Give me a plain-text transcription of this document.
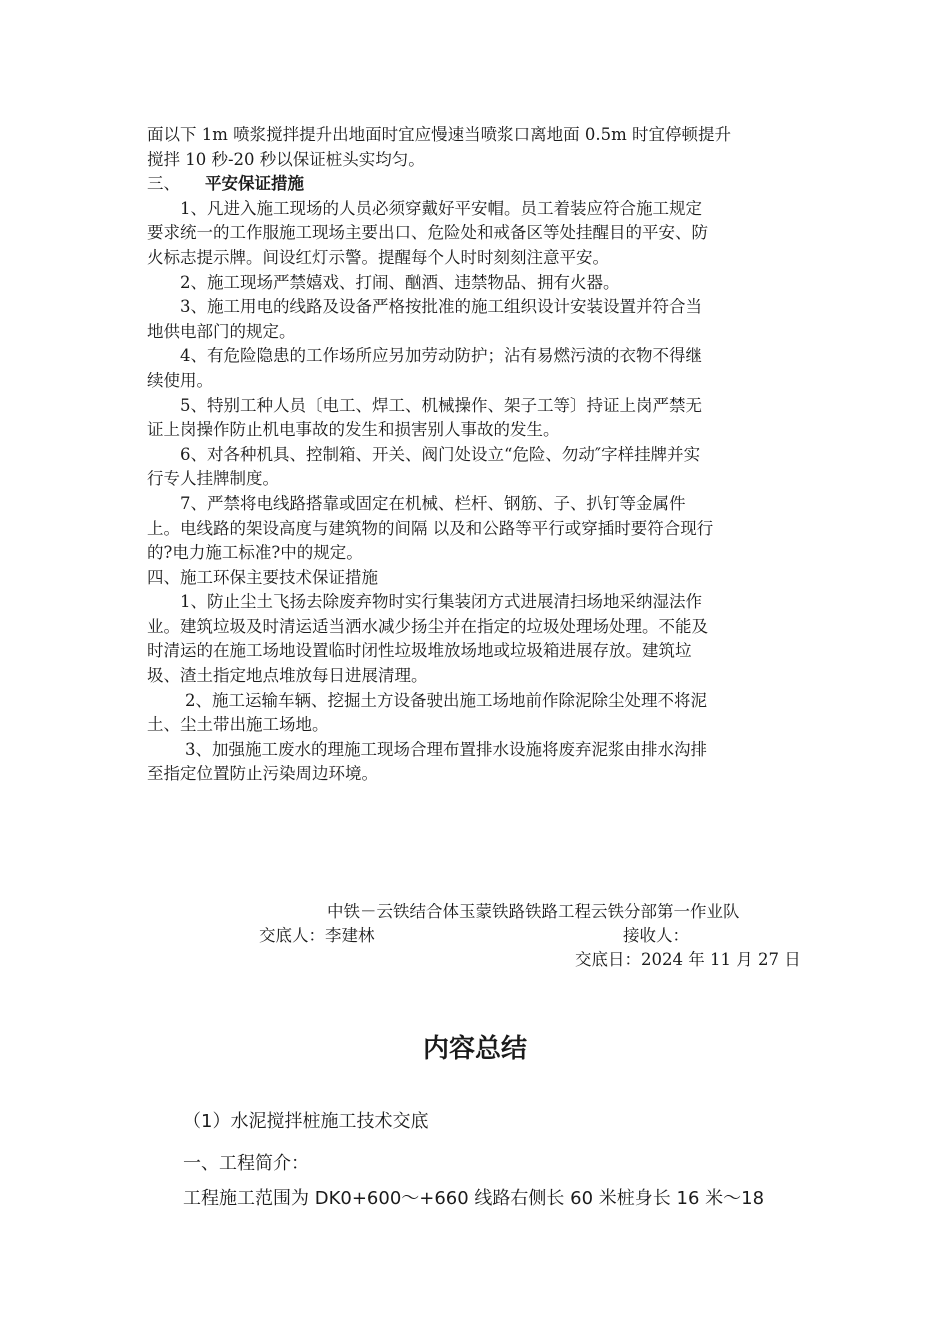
面以下 1m 喷浆搅拌提升出地面时宜应慢速当喷浆口离地面 0.5m 时宜停顿提升

搅拌 10 秒-20 秒以保证桩头实均匀。

三、 平安保证措施

1、凡进入施工现场的人员必须穿戴好平安帽。员工着装应符合施工规定

要求统一的工作服施工现场主要出口、危险处和戒备区等处挂醒目的平安、防

火标志提示牌。间设红灯示警。提醒每个人时时刻刻注意平安。

2、施工现场严禁嬉戏、打闹、酗酒、违禁物品、拥有火器。

3、施工用电的线路及设备严格按批准的施工组织设计安装设置并符合当

地供电部门的规定。

4、有危险隐患的工作场所应另加劳动防护；沾有易燃污渍的衣物不得继

续使用。

5、特别工种人员〔电工、焊工、机械操作、架子工等〕持证上岗严禁无

证上岗操作防止机电事故的发生和损害别人事故的发生。

6、对各种机具、控制箱、开关、阀门处设立“危险、勿动″字样挂牌并实

行专人挂牌制度。

7、严禁将电线路搭靠或固定在机械、栏杆、钢筋、子、扒钉等金属件

上。电线路的架设高度与建筑物的间隔 以及和公路等平行或穿插时要符合现行

的?电力施工标准?中的规定。

四、施工环保主要技术保证措施

1、防止尘土飞扬去除废弃物时实行集装闭方式进展清扫场地采纳湿法作

业。建筑垃圾及时清运适当洒水减少扬尘并在指定的垃圾处理场处理。不能及

时清运的在施工场地设置临时闭性垃圾堆放场地或垃圾箱进展存放。建筑垃

圾、渣土指定地点堆放每日进展清理。

2、施工运输车辆、挖掘土方设备驶出施工场地前作除泥除尘处理不将泥

土、尘土带出施工场地。

3、加强施工废水的理施工现场合理布置排水设施将废弃泥浆由排水沟排

至指定位置防止污染周边环境。

中铁－云铁结合体玉蒙铁路铁路工程云铁分部第一作业队
交底人：李建林	接收人：
交底日：2024 年 11 月 27 日
内容总结
（1）水泥搅拌桩施工技术交底
一、工程简介：
工程施工范围为 DK0+600～+660 线路右侧长 60 米桩身长 16 米～18
